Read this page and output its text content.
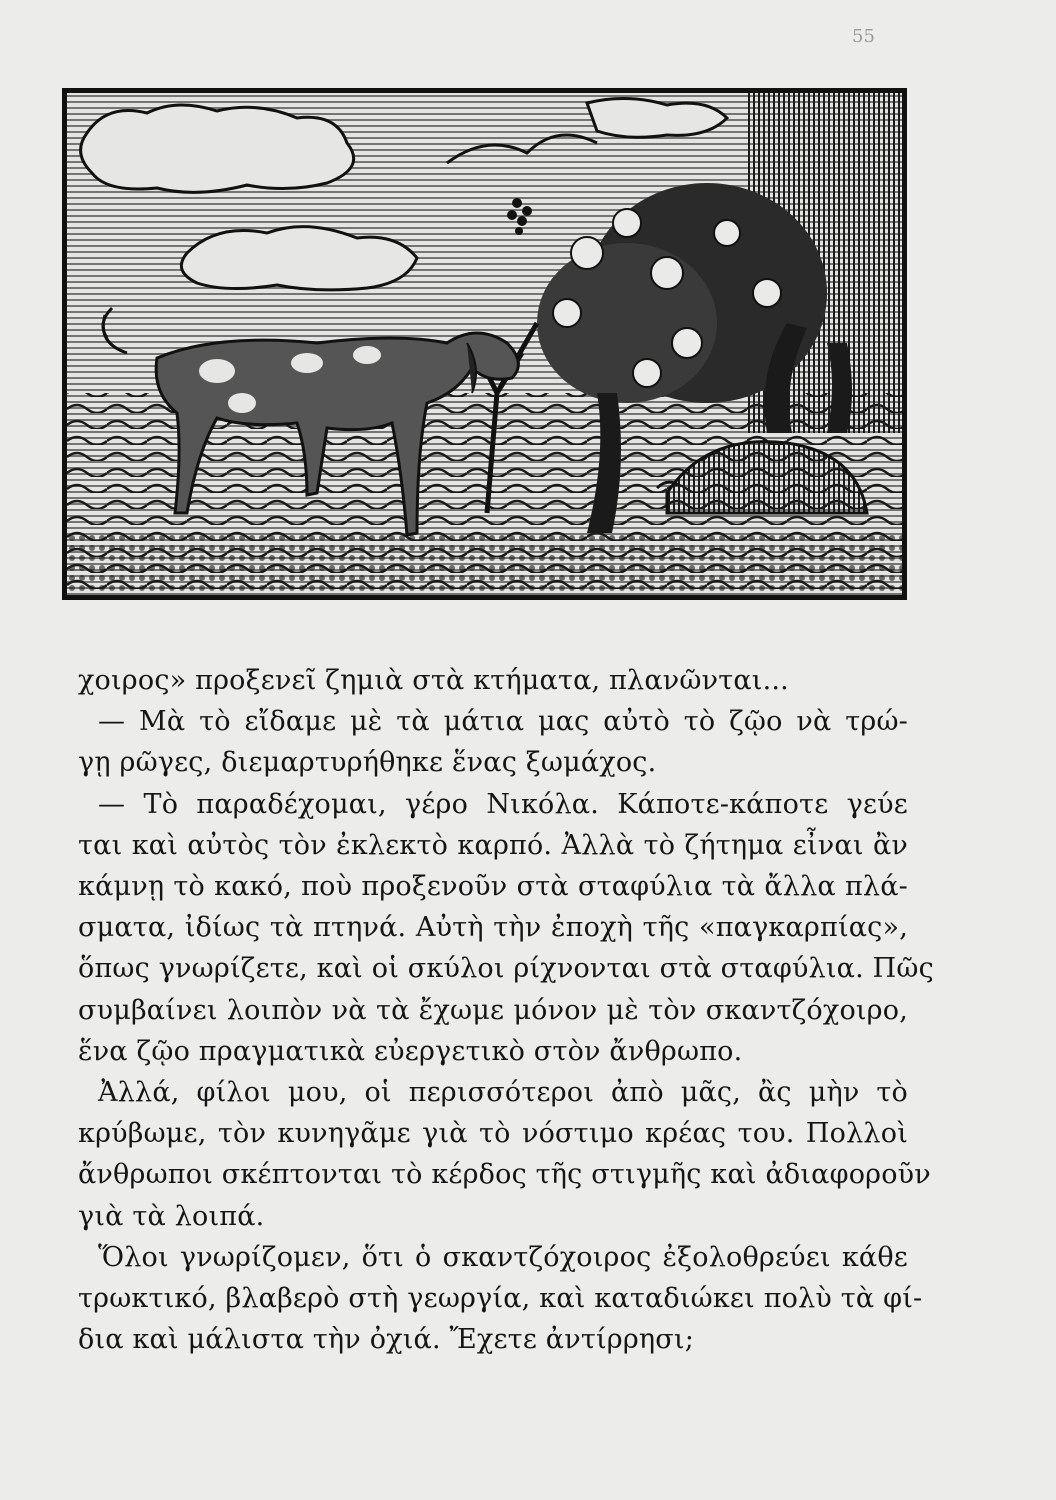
55
χοιρος» προξενεῖ ζημιὰ στὰ κτήματα, πλανῶνται...
— Μὰ τὸ εἴδαμε μὲ τὰ μάτια μας αὐτὸ τὸ ζῷο νὰ τρώ-
γῃ ρῶγες, διεμαρτυρήθηκε ἕνας ξωμάχος.
— Τὸ παραδέχομαι, γέρο Νικόλα. Κάποτε-κάποτε γεύε
ται καὶ αὐτὸς τὸν ἐκλεκτὸ καρπό. Ἀλλὰ τὸ ζήτημα εἶναι ἂν
κάμνῃ τὸ κακό, ποὺ προξενοῦν στὰ σταφύλια τὰ ἄλλα πλά-
σματα, ἰδίως τὰ πτηνά. Αὐτὴ τὴν ἐποχὴ τῆς «παγκαρπίας»,
ὅπως γνωρίζετε, καὶ οἱ σκύλοι ρίχνονται στὰ σταφύλια. Πῶς
συμβαίνει λοιπὸν νὰ τὰ ἔχωμε μόνον μὲ τὸν σκαντζόχοιρο,
ἕνα ζῷο πραγματικὰ εὐεργετικὸ στὸν ἄνθρωπο.
Ἀλλά, φίλοι μου, οἱ περισσότεροι ἀπὸ μᾶς, ἂς μὴν τὸ
κρύβωμε, τὸν κυνηγᾶμε γιὰ τὸ νόστιμο κρέας του. Πολλοὶ
ἄνθρωποι σκέπτονται τὸ κέρδος τῆς στιγμῆς καὶ ἀδιαφοροῦν
γιὰ τὰ λοιπά.
Ὅλοι γνωρίζομεν, ὅτι ὁ σκαντζόχοιρος ἐξολοθρεύει κάθε
τρωκτικό, βλαβερὸ στὴ γεωργία, καὶ καταδιώκει πολὺ τὰ φί-
δια καὶ μάλιστα τὴν ὀχιά. Ἔχετε ἀντίρρησι;
